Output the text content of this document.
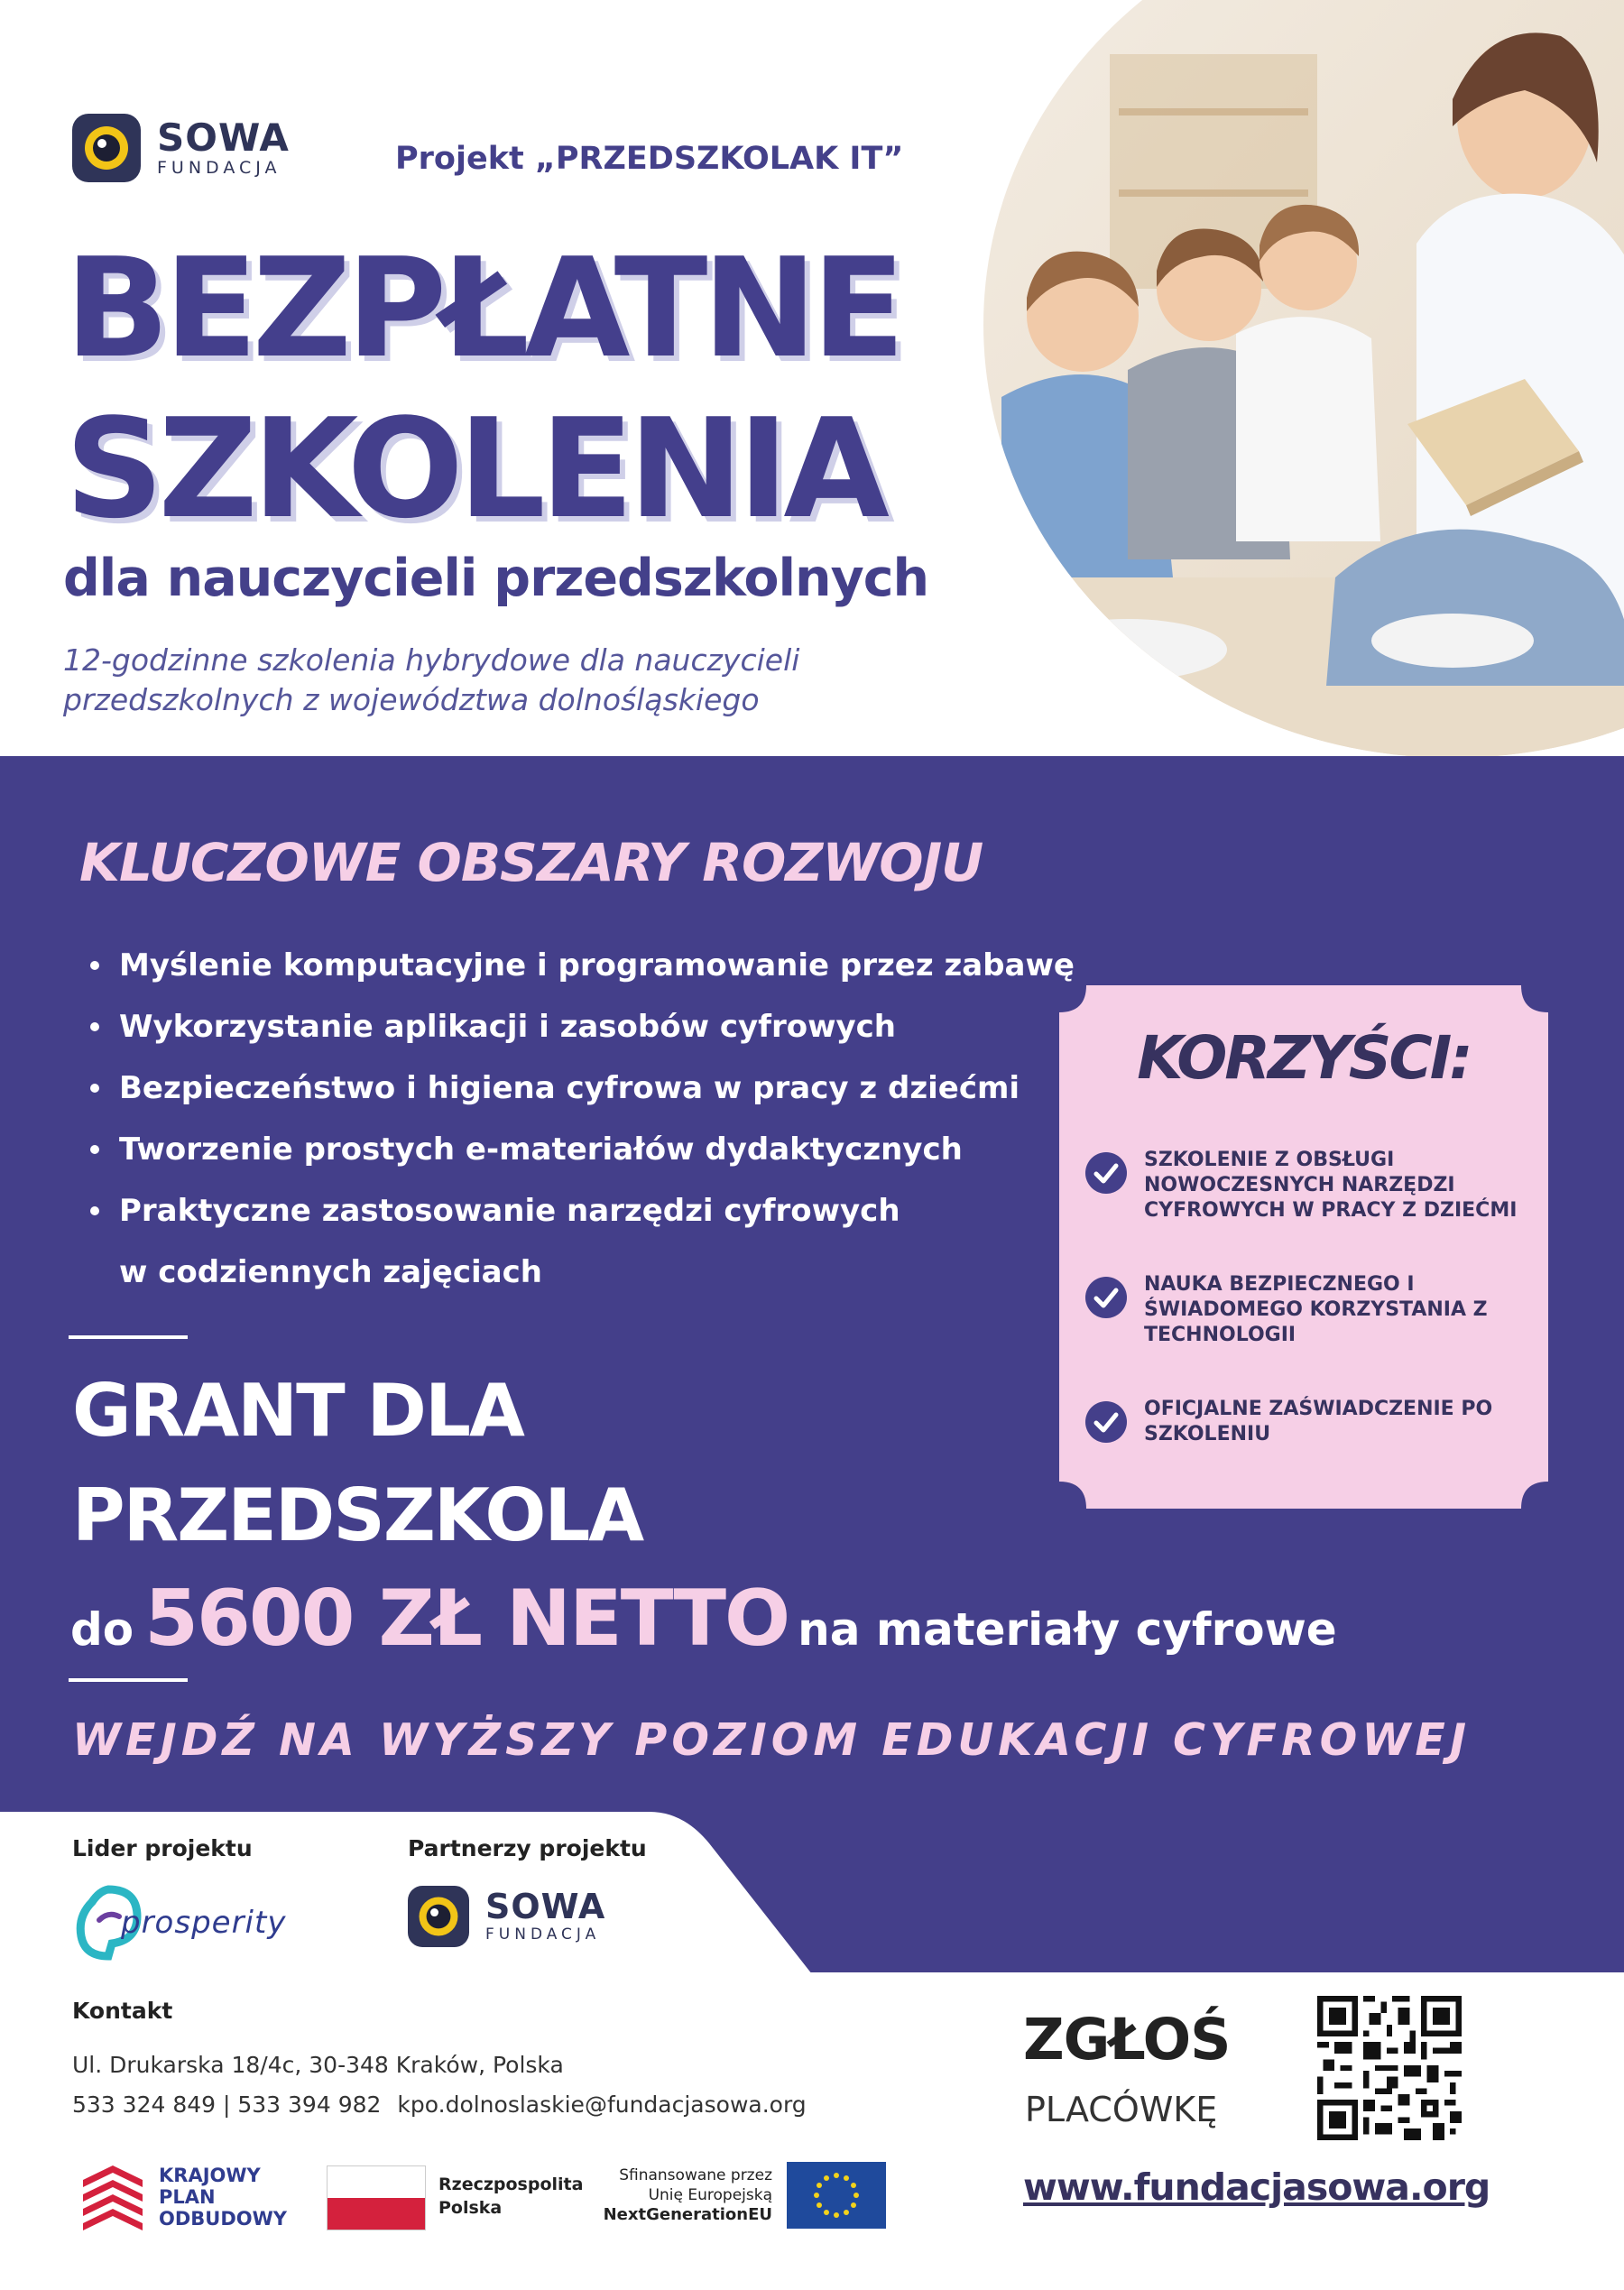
SOWA
FUNDACJA	Projekt „PRZEDSZKOLAK IT”
BEZPŁATNE
SZKOLENIA
dla nauczycieli przedszkolnych
12-godzinne szkolenia hybrydowe dla nauczycieli
przedszkolnych z województwa dolnośląskiego
KLUCZOWE OBSZARY ROZWOJU
Myślenie komputacyjne i programowanie przez zabawę
Wykorzystanie aplikacji i zasobów cyfrowych
Bezpieczeństwo i higiena cyfrowa w pracy z dziećmi
Tworzenie prostych e-materiałów dydaktycznych
Praktyczne zastosowanie narzędzi cyfrowych
w codziennych zajęciach
GRANT DLA
PRZEDSZKOLA
do 5600 ZŁ NETTO na materiały cyfrowe
WEJDŹ NA WYŻSZY POZIOM EDUKACJI CYFROWEJ
KORZYŚCI:
SZKOLENIE Z OBSŁUGI NOWOCZESNYCH NARZĘDZI CYFROWYCH W PRACY Z DZIEĆMI
NAUKA BEZPIECZNEGO I ŚWIADOMEGO KORZYSTANIA Z TECHNOLOGII
OFICJALNE ZAŚWIADCZENIE PO SZKOLENIU
Lider projektu	Partnerzy projektu
prosperity	SOWA
FUNDACJA
Kontakt
Ul. Drukarska 18/4c, 30-348 Kraków, Polska
533 324 849 | 533 394 982 kpo.dolnoslaskie@fundacjasowa.org
ZGŁOŚ
PLACÓWKĘ
www.fundacjasowa.org
KRAJOWY
PLAN
ODBUDOWY
Rzeczpospolita
Polska
Sfinansowane przez
Unię Europejską
NextGenerationEU
